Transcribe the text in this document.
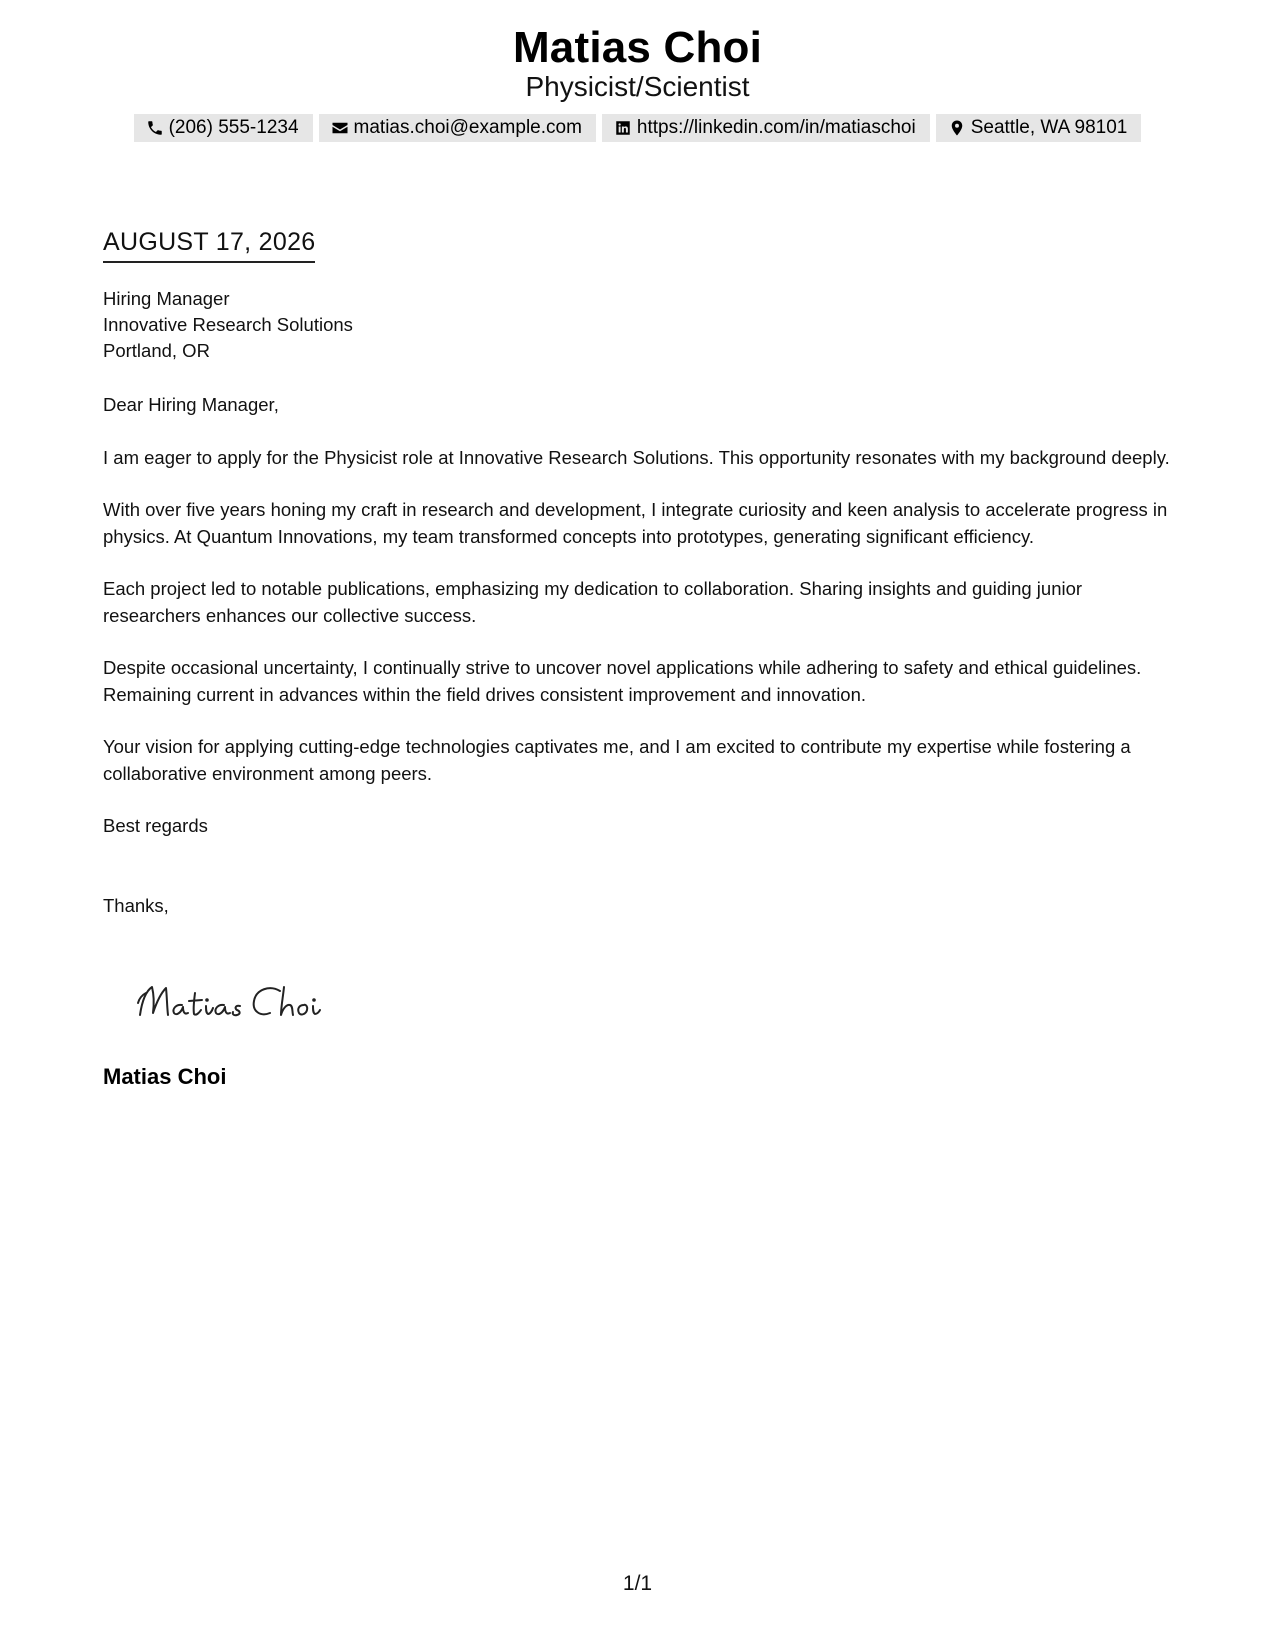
Matias Choi
Physicist/Scientist
(206) 555-1234	matias.choi@example.com	https://linkedin.com/in/matiaschoi	Seattle, WA 98101
AUGUST 17, 2026
Hiring Manager
Innovative Research Solutions
Portland, OR

Dear Hiring Manager,

I am eager to apply for the Physicist role at Innovative Research Solutions. This opportunity resonates with my background deeply.

With over five years honing my craft in research and development, I integrate curiosity and keen analysis to accelerate progress in physics. At Quantum Innovations, my team transformed concepts into prototypes, generating significant efficiency.

Each project led to notable publications, emphasizing my dedication to collaboration. Sharing insights and guiding junior researchers enhances our collective success.

Despite occasional uncertainty, I continually strive to uncover novel applications while adhering to safety and ethical guidelines. Remaining current in advances within the field drives consistent improvement and innovation.

Your vision for applying cutting-edge technologies captivates me, and I am excited to contribute my expertise while fostering a collaborative environment among peers.

Best regards

Thanks,

Matias Choi
1/1
